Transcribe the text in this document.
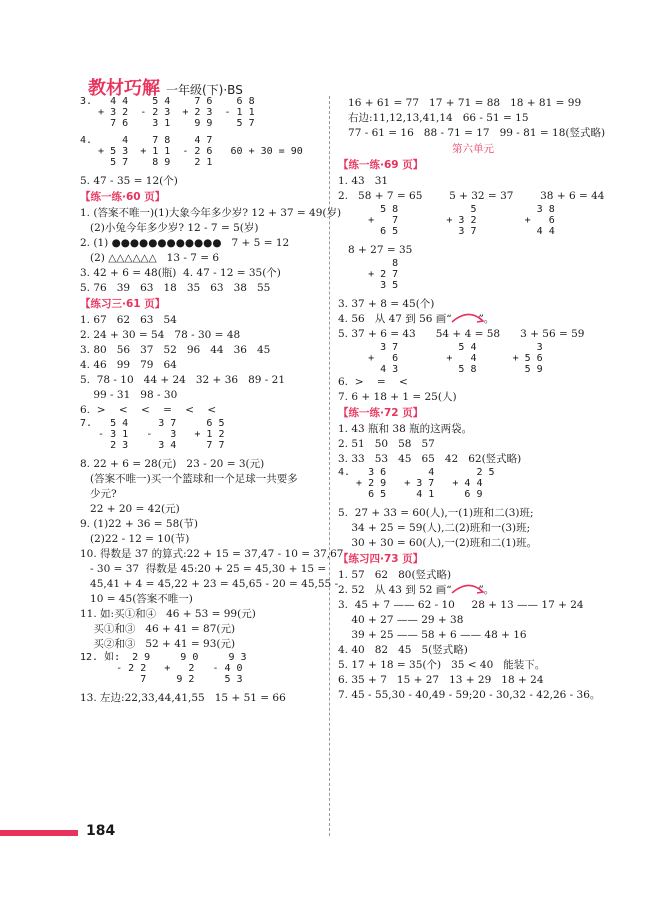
教材巧解 一年级(下)·BS
3.   4 4    5 4    7 6    6 8
+ 3 2  - 2 3  + 2 3  - 1 1
7 6    3 1    9 9    5 7
4.     4    7 8    4 7
+ 5 3  + 1 1  - 2 6   60 + 30 = 90
5 7    8 9    2 1
5. 47 - 35 = 12(个)
【练一练·60 页】
1. (答案不唯一)(1)大象今年多少岁? 12 + 37 = 49(岁)
(2)小兔今年多少岁? 12 - 7 = 5(岁)
2. (1) ●●●●●●●●●●●●   7 + 5 = 12
(2) △△△△△△   13 - 7 = 6
3. 42 + 6 = 48(瓶)  4. 47 - 12 = 35(个)
5. 76   39   63   18   35   63   38   55
【练习三·61 页】
1. 67   62   63   54
2. 24 + 30 = 54   78 - 30 = 48
3. 80   56   37   52   96   44   36   45
4. 46   99   79   64
5.  78 - 10   44 + 24   32 + 36   89 - 21
99 - 31   98 - 30
6.  >    <    <    =    <    <
7.   5 4     3 7     6 5
- 3 1   -   3   + 1 2
2 3     3 4     7 7
8. 22 + 6 = 28(元)   23 - 20 = 3(元)
(答案不唯一)买一个篮球和一个足球一共要多
少元?
22 + 20 = 42(元)
9. (1)22 + 36 = 58(节)
(2)22 - 12 = 10(节)
10. 得数是 37 的算式:22 + 15 = 37,47 - 10 = 37,67
- 30 = 37  得数是 45:20 + 25 = 45,30 + 15 =
45,41 + 4 = 45,22 + 23 = 45,65 - 20 = 45,55 -
10 = 45(答案不唯一)
11. 如:买①和④   46 + 53 = 99(元)
买①和③   46 + 41 = 87(元)
买②和③   52 + 41 = 93(元)
12. 如:  2 9     9 0     9 3
- 2 2   +   2   - 4 0
7     9 2     5 3
13. 左边:22,33,44,41,55   15 + 51 = 66
16 + 61 = 77   17 + 71 = 88   18 + 81 = 99
右边:11,12,13,41,14   66 - 51 = 15
77 - 61 = 16   88 - 71 = 17   99 - 81 = 18(竖式略)
第六单元
【练一练·69 页】
1. 43   31
2.   58 + 7 = 65        5 + 32 = 37        38 + 6 = 44
5 8            5          3 8
+   7        + 3 2        +   6
6 5          3 7          4 4
8 + 27 = 35
8
+ 2 7
3 5
3. 37 + 8 = 45(个)
4. 56   从 47 到 56 画“        ”。
5. 37 + 6 = 43      54 + 4 = 58      3 + 56 = 59
3 7          5 4          3
+   6        +   4      + 5 6
4 3          5 8        5 9
6.  >    =    <
7. 6 + 18 + 1 = 25(人)
【练一练·72 页】
1. 43 瓶和 38 瓶的这两袋。
2. 51   50   58   57
3. 33   53   45   65   42   62(竖式略)
4.   3 6       4       2 5
+ 2 9   + 3 7   + 4 4
6 5     4 1     6 9
5.  27 + 33 = 60(人),一(1)班和二(3)班;
34 + 25 = 59(人),二(2)班和一(3)班;
30 + 30 = 60(人),一(2)班和二(1)班。
【练习四·73 页】
1. 57   62   80(竖式略)
2. 52   从 43 到 52 画“        ”。
3.  45 + 7 —— 62 - 10     28 + 13 —— 17 + 24
40 + 27 —— 29 + 38
39 + 25 —— 58 + 6 —— 48 + 16
4. 40   82   45   5(竖式略)
5. 17 + 18 = 35(个)   35 < 40   能装下。
6. 35 + 7   15 + 27   13 + 29   18 + 24
7. 45 - 55,30 - 40,49 - 59;20 - 30,32 - 42,26 - 36。
184
